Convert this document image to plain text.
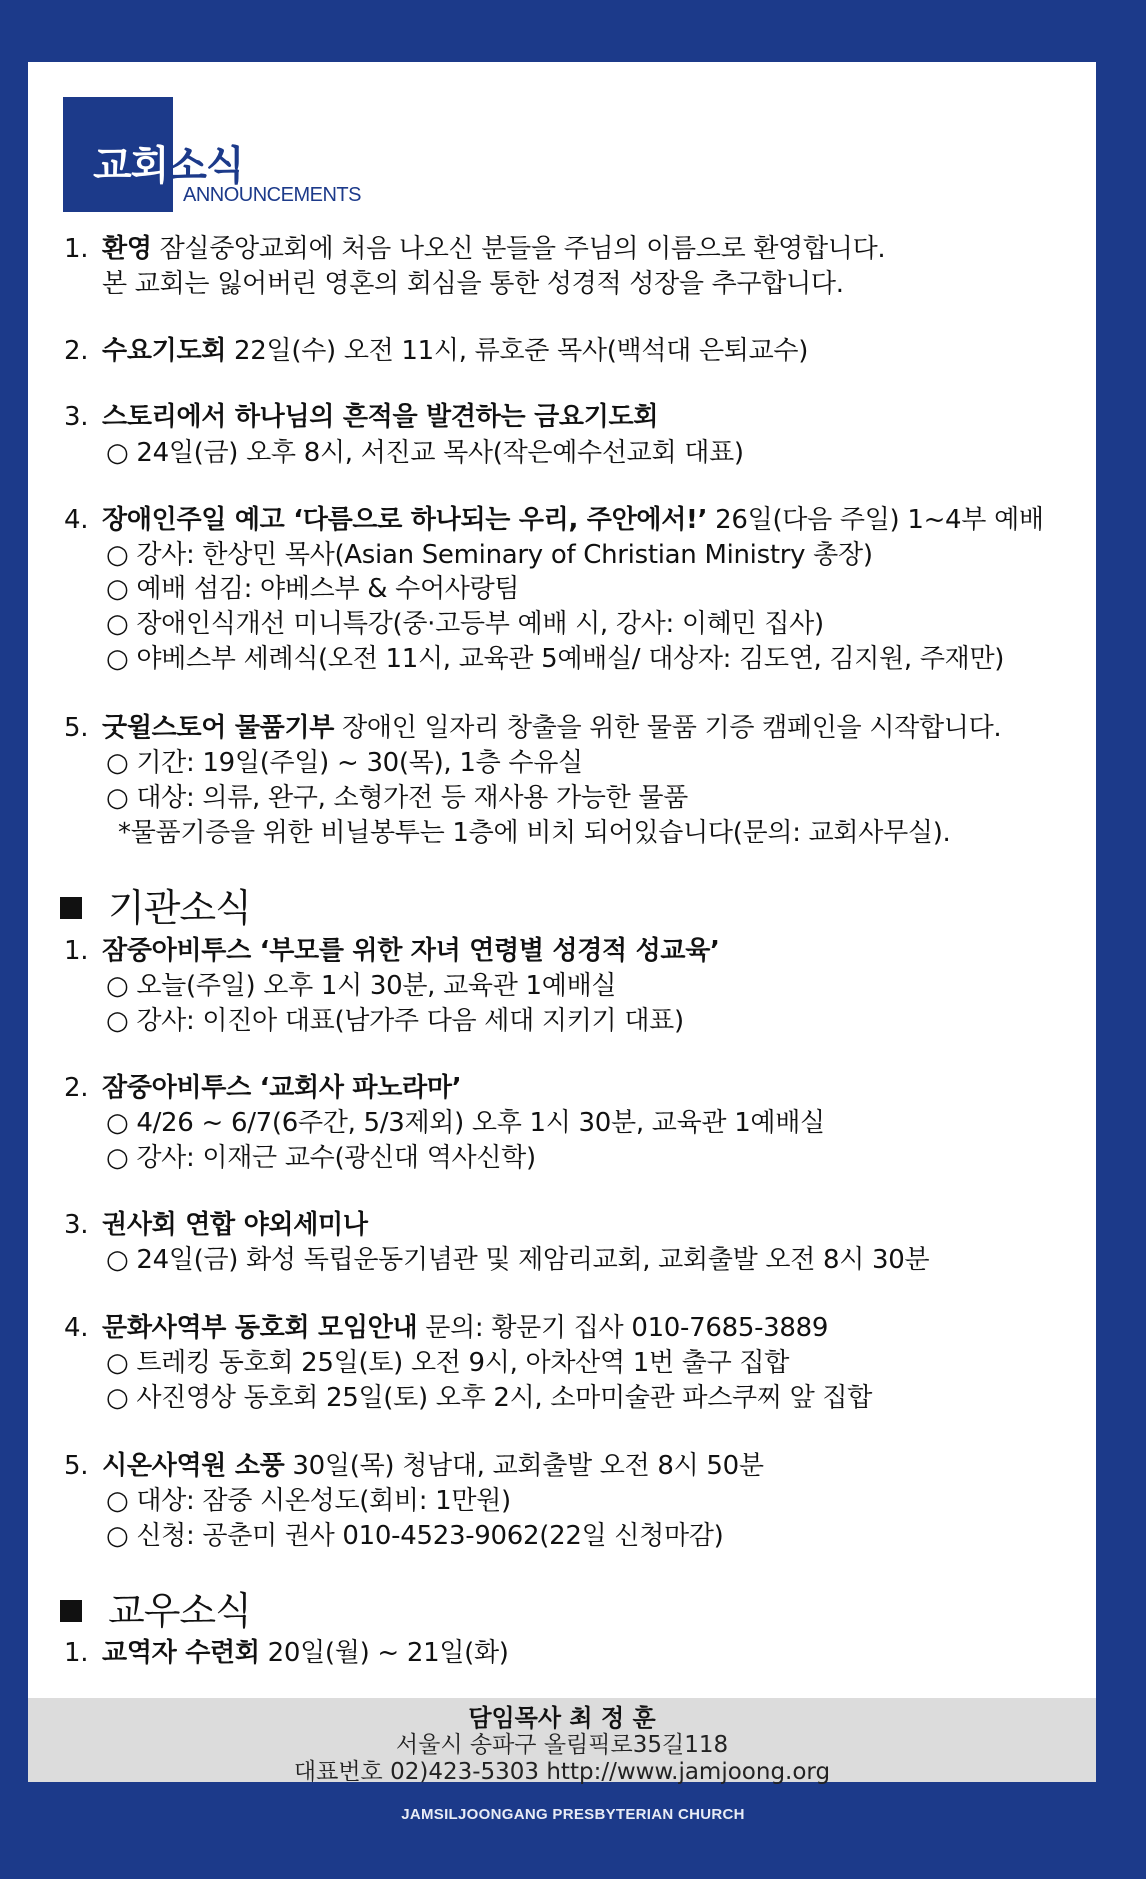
교회소식
ANNOUNCEMENTS
1. 환영 잠실중앙교회에 처음 나오신 분들을 주님의 이름으로 환영합니다.
본 교회는 잃어버린 영혼의 회심을 통한 성경적 성장을 추구합니다.
2. 수요기도회 22일(수) 오전 11시, 류호준 목사(백석대 은퇴교수)
3. 스토리에서 하나님의 흔적을 발견하는 금요기도회
○ 24일(금) 오후 8시, 서진교 목사(작은예수선교회 대표)
4. 장애인주일 예고 ‘다름으로 하나되는 우리, 주안에서!’ 26일(다음 주일) 1~4부 예배
○ 강사: 한상민 목사(Asian Seminary of Christian Ministry 총장)
○ 예배 섬김: 야베스부 & 수어사랑팀
○ 장애인식개선 미니특강(중·고등부 예배 시, 강사: 이혜민 집사)
○ 야베스부 세례식(오전 11시, 교육관 5예배실/ 대상자: 김도연, 김지원, 주재만)
5. 굿윌스토어 물품기부 장애인 일자리 창출을 위한 물품 기증 캠페인을 시작합니다.
○ 기간: 19일(주일) ~ 30(목), 1층 수유실
○ 대상: 의류, 완구, 소형가전 등 재사용 가능한 물품
*물품기증을 위한 비닐봉투는 1층에 비치 되어있습니다(문의: 교회사무실).
기관소식
1. 잠중아비투스 ‘부모를 위한 자녀 연령별 성경적 성교육’
○ 오늘(주일) 오후 1시 30분, 교육관 1예배실
○ 강사: 이진아 대표(남가주 다음 세대 지키기 대표)
2. 잠중아비투스 ‘교회사 파노라마’
○ 4/26 ~ 6/7(6주간, 5/3제외) 오후 1시 30분, 교육관 1예배실
○ 강사: 이재근 교수(광신대 역사신학)
3. 권사회 연합 야외세미나
○ 24일(금) 화성 독립운동기념관 및 제암리교회, 교회출발 오전 8시 30분
4. 문화사역부 동호회 모임안내 문의: 황문기 집사 010-7685-3889
○ 트레킹 동호회 25일(토) 오전 9시, 아차산역 1번 출구 집합
○ 사진영상 동호회 25일(토) 오후 2시, 소마미술관 파스쿠찌 앞 집합
5. 시온사역원 소풍 30일(목) 청남대, 교회출발 오전 8시 50분
○ 대상: 잠중 시온성도(회비: 1만원)
○ 신청: 공춘미 권사 010-4523-9062(22일 신청마감)
교우소식
1. 교역자 수련회 20일(월) ~ 21일(화)
담임목사 최 정 훈
서울시 송파구 올림픽로35길118
대표번호 02)423-5303 http://www.jamjoong.org
JAMSILJOONGANG PRESBYTERIAN CHURCH
